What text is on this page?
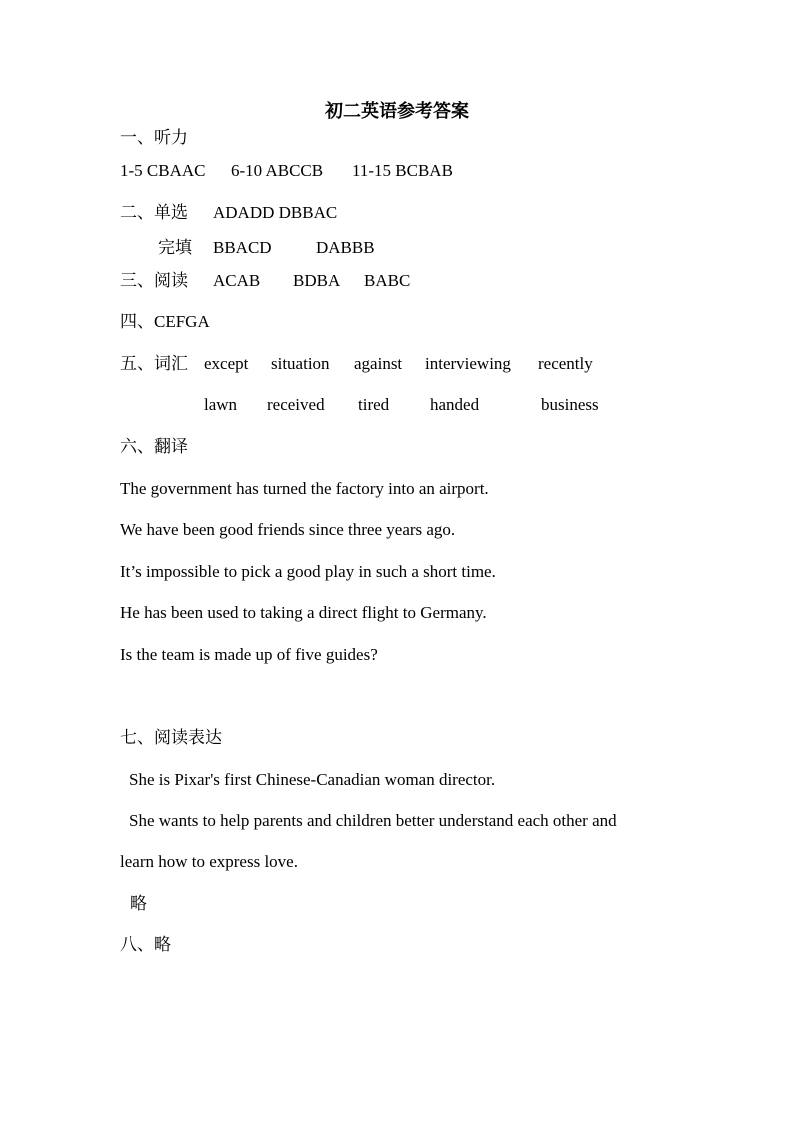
初二英语参考答案
一、听力
1-5 CBAAC 6-10 ABCCB 11-15 BCBAB
二、单选 ADADD DBBAC
完填 BBACD	DABBB
三、阅读 ACAB BDBA BABC
四、CEFGA
五、词汇 except situation against interviewing recently
lawn received tired handed	business
六、翻译
The government has turned the factory into an airport.
We have been good friends since three years ago.
It’s impossible to pick a good play in such a short time.
He has been used to taking a direct flight to Germany.
Is the team is made up of five guides?
七、阅读表达
She is Pixar's first Chinese-Canadian woman director.
She wants to help parents and children better understand each other and
learn how to express love.
略
八、略
